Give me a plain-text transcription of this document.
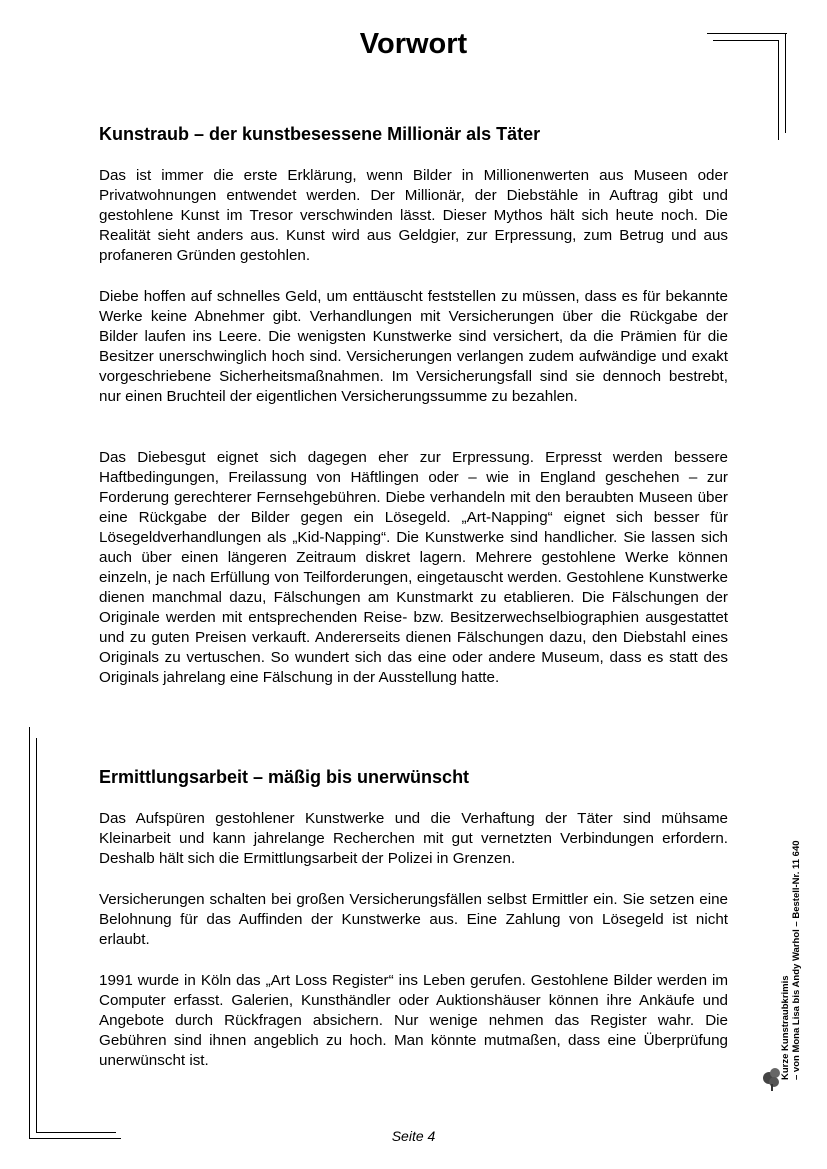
Vorwort
Kunstraub – der kunstbesessene Millionär als Täter

Das ist immer die erste Erklärung, wenn Bilder in Millionenwerten aus Museen oder Privatwohnungen entwendet werden. Der Millionär, der Diebstähle in Auftrag gibt und gestohlene Kunst im Tresor verschwinden lässt. Dieser Mythos hält sich heute noch. Die Realität sieht anders aus. Kunst wird aus Geldgier, zur Erpressung, zum Betrug und aus profaneren Gründen gestohlen.

Diebe hoffen auf schnelles Geld, um enttäuscht feststellen zu müssen, dass es für bekannte Werke keine Abnehmer gibt. Verhandlungen mit Versicherungen über die Rückgabe der Bilder laufen ins Leere. Die wenigsten Kunstwerke sind versichert, da die Prämien für die Besitzer unerschwinglich hoch sind. Versicherungen verlangen zudem aufwändige und exakt vorgeschriebene Sicherheitsmaßnahmen. Im Versicherungsfall sind sie dennoch bestrebt, nur einen Bruchteil der eigentlichen Versicherungssumme zu bezahlen.

Das Diebesgut eignet sich dagegen eher zur Erpressung. Erpresst werden bessere Haftbedingungen, Freilassung von Häftlingen oder – wie in England geschehen – zur Forderung gerechterer Fernsehgebühren. Diebe verhandeln mit den beraubten Museen über eine Rückgabe der Bilder gegen ein Lösegeld. „Art-Napping“ eignet sich besser für Lösegeldverhandlungen als „Kid-Napping“. Die Kunstwerke sind handlicher. Sie lassen sich auch über einen längeren Zeitraum diskret lagern. Mehrere gestohlene Werke können einzeln, je nach Erfüllung von Teilforderungen, eingetauscht werden. Gestohlene Kunstwerke dienen manchmal dazu, Fälschungen am Kunstmarkt zu etablieren. Die Fälschungen der Originale werden mit entsprechenden Reise- bzw. Besitzerwechselbiographien ausgestattet und zu guten Preisen verkauft. Andererseits dienen Fälschungen dazu, den Diebstahl eines Originals zu vertuschen. So wundert sich das eine oder andere Museum, dass es statt des Originals jahrelang eine Fälschung in der Ausstellung hatte.

Ermittlungsarbeit – mäßig bis unerwünscht

Das Aufspüren gestohlener Kunstwerke und die Verhaftung der Täter sind mühsame Kleinarbeit und kann jahrelange Recherchen mit gut vernetzten Verbindungen erfordern. Deshalb hält sich die Ermittlungsarbeit der Polizei in Grenzen.

Versicherungen schalten bei großen Versicherungsfällen selbst Ermittler ein. Sie setzen eine Belohnung für das Auffinden der Kunstwerke aus. Eine Zahlung von Lösegeld ist nicht erlaubt.

1991 wurde in Köln das „Art Loss Register“ ins Leben gerufen. Gestohlene Bilder werden im Computer erfasst. Galerien, Kunsthändler oder Auktionshäuser können ihre Ankäufe und Angebote durch Rückfragen absichern. Nur wenige nehmen das Register wahr. Die Gebühren sind ihnen angeblich zu hoch. Man könnte mutmaßen, dass eine Überprüfung unerwünscht ist.	Kurze Kunstraubkrimis – von Mona Lisa bis Andy Warhol – Bestell-Nr. 11 640
Seite 4
